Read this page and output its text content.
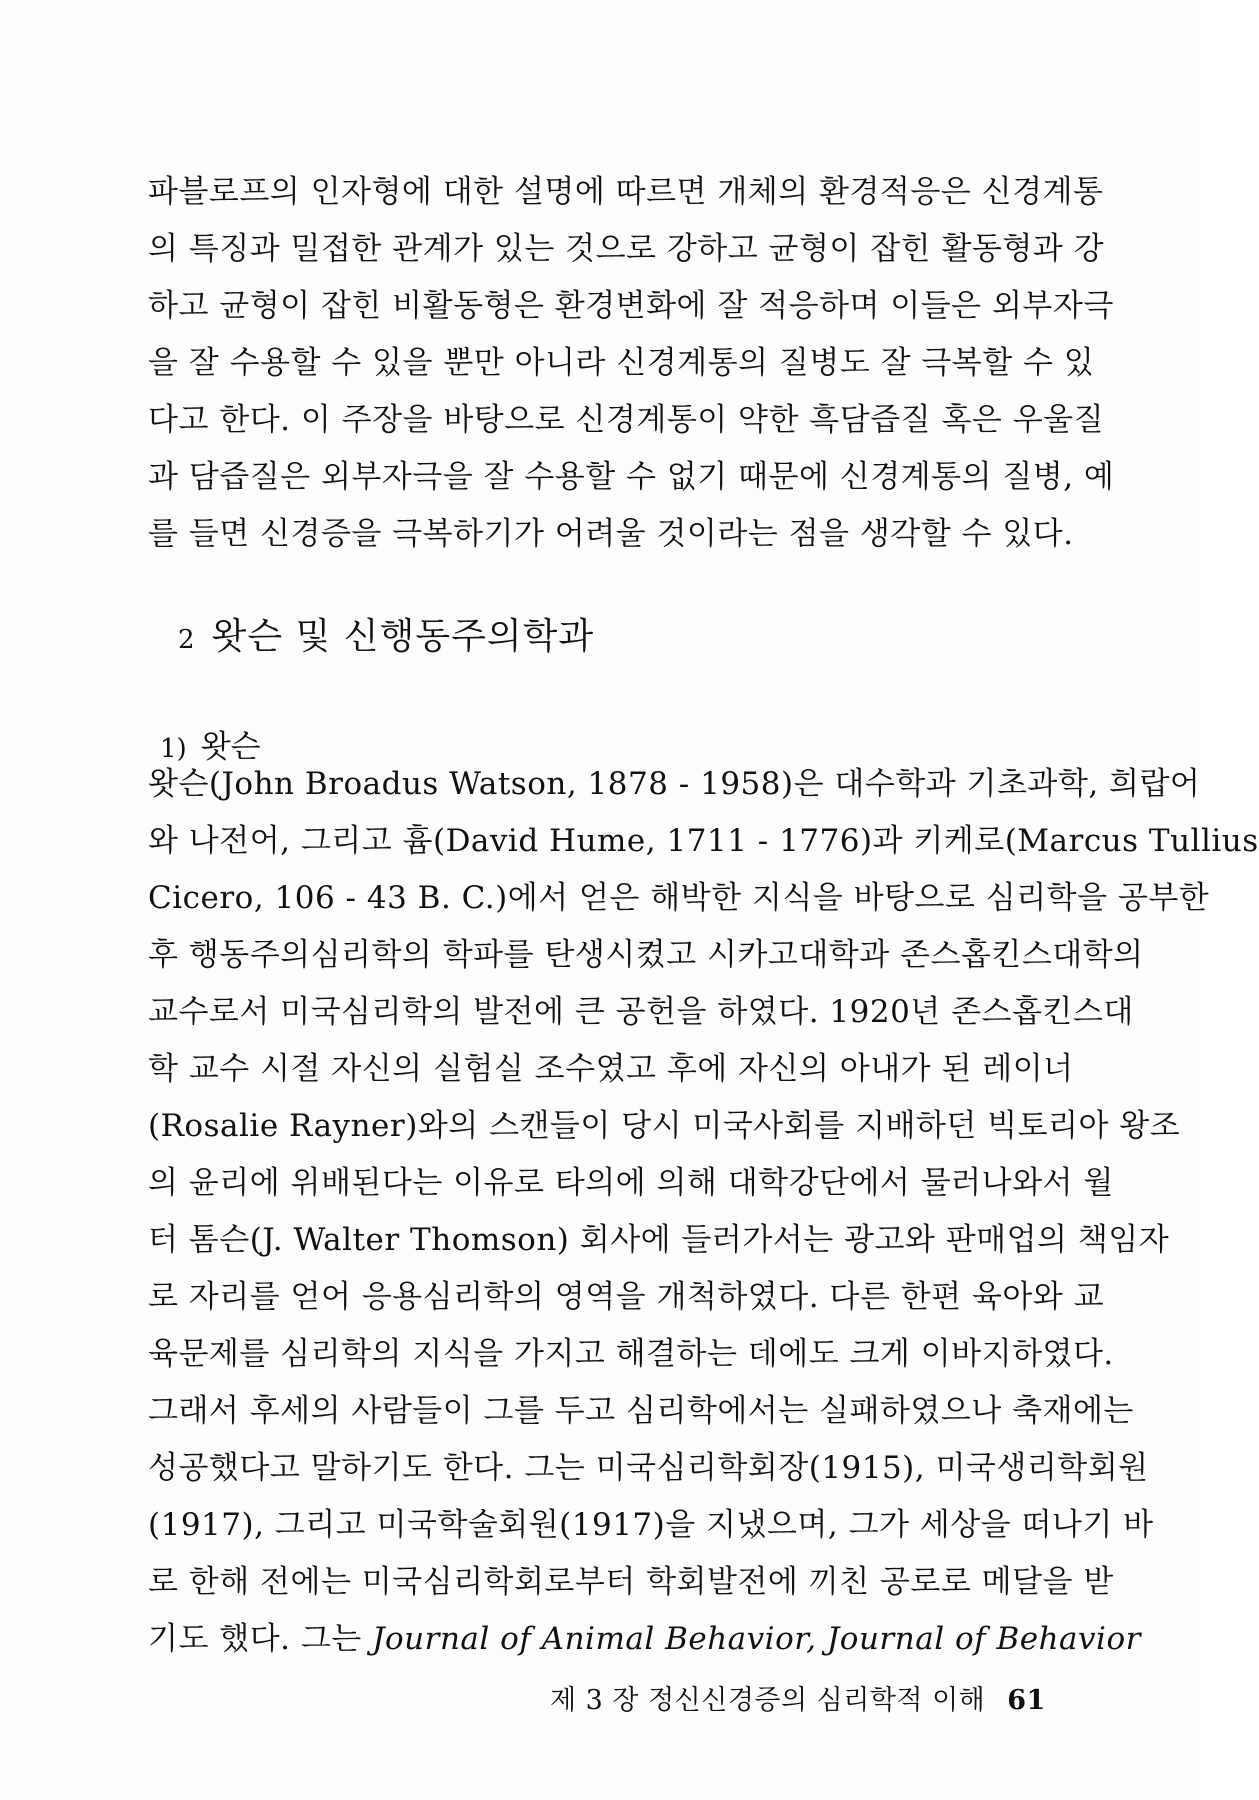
파블로프의 인자형에 대한 설명에 따르면 개체의 환경적응은 신경계통
의 특징과 밀접한 관계가 있는 것으로 강하고 균형이 잡힌 활동형과 강
하고 균형이 잡힌 비활동형은 환경변화에 잘 적응하며 이들은 외부자극
을 잘 수용할 수 있을 뿐만 아니라 신경계통의 질병도 잘 극복할 수 있
다고 한다. 이 주장을 바탕으로 신경계통이 약한 흑담즙질 혹은 우울질
과 담즙질은 외부자극을 잘 수용할 수 없기 때문에 신경계통의 질병, 예
를 들면 신경증을 극복하기가 어려울 것이라는 점을 생각할 수 있다.
2 왓슨 및 신행동주의학과
1) 왓슨
왓슨(John Broadus Watson, 1878 - 1958)은 대수학과 기초과학, 희랍어
와 나전어, 그리고 흄(David Hume, 1711 - 1776)과 키케로(Marcus Tullius
Cicero, 106 - 43 B. C.)에서 얻은 해박한 지식을 바탕으로 심리학을 공부한
후 행동주의심리학의 학파를 탄생시켰고 시카고대학과 존스홉킨스대학의
교수로서 미국심리학의 발전에 큰 공헌을 하였다. 1920년 존스홉킨스대
학 교수 시절 자신의 실험실 조수였고 후에 자신의 아내가 된 레이너
(Rosalie Rayner)와의 스캔들이 당시 미국사회를 지배하던 빅토리아 왕조
의 윤리에 위배된다는 이유로 타의에 의해 대학강단에서 물러나와서 월
터 톰슨(J. Walter Thomson) 회사에 들러가서는 광고와 판매업의 책임자
로 자리를 얻어 응용심리학의 영역을 개척하였다. 다른 한편 육아와 교
육문제를 심리학의 지식을 가지고 해결하는 데에도 크게 이바지하였다.
그래서 후세의 사람들이 그를 두고 심리학에서는 실패하였으나 축재에는
성공했다고 말하기도 한다. 그는 미국심리학회장(1915), 미국생리학회원
(1917), 그리고 미국학술회원(1917)을 지냈으며, 그가 세상을 떠나기 바
로 한해 전에는 미국심리학회로부터 학회발전에 끼친 공로로 메달을 받
기도 했다. 그는 Journal of Animal Behavior, Journal of Behavior
제 3 장 정신신경증의 심리학적 이해 61
